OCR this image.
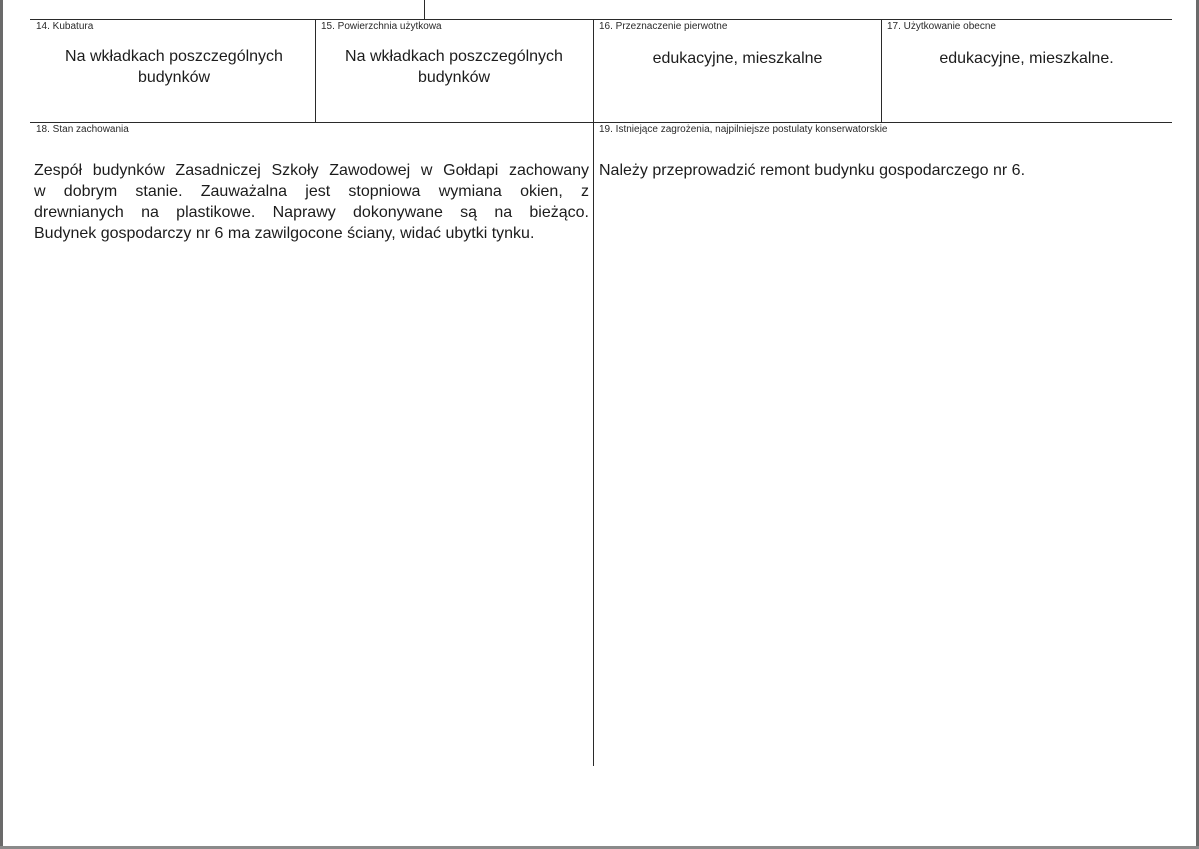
14. Kubatura
Na wkładkach poszczególnych budynków
15. Powierzchnia użytkowa
Na wkładkach poszczególnych budynków
16. Przeznaczenie pierwotne
edukacyjne, mieszkalne
17. Użytkowanie obecne
edukacyjne, mieszkalne.
18. Stan zachowania
Zespół budynków Zasadniczej Szkoły Zawodowej w Gołdapi zachowany
w dobrym stanie. Zauważalna jest stopniowa wymiana okien, z
drewnianych na plastikowe. Naprawy dokonywane są na bieżąco.
Budynek gospodarczy nr 6 ma zawilgocone ściany, widać ubytki tynku.
19. Istniejące zagrożenia, najpilniejsze postulaty konserwatorskie
Należy przeprowadzić remont budynku gospodarczego nr 6.
